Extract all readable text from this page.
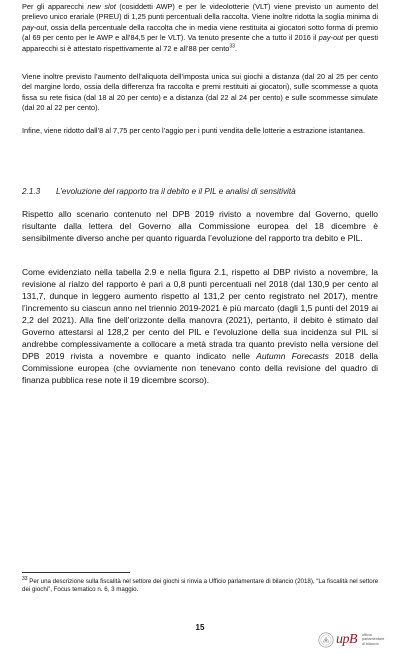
Per gli apparecchi new slot (cosiddetti AWP) e per le videolotterie (VLT) viene previsto un aumento del prelievo unico erariale (PREU) di 1,25 punti percentuali della raccolta. Viene inoltre ridotta la soglia minima di pay-out, ossia della percentuale della raccolta che in media viene restituita ai giocatori sotto forma di premio (al 69 per cento per le AWP e all’84,5 per le VLT). Va tenuto presente che a tutto il 2016 il pay-out per questi apparecchi si è attestato rispettivamente al 72 e all’88 per cento$^{33}$.

Viene inoltre previsto l’aumento dell’aliquota dell’imposta unica sui giochi a distanza (dal 20 al 25 per cento del margine lordo, ossia della differenza fra raccolta e premi restituiti ai giocatori), sulle scommesse a quota fissa su rete fisica (dal 18 al 20 per cento) e a distanza (dal 22 al 24 per cento) e sulle scommesse simulate (dal 20 al 22 per cento).

Infine, viene ridotto dall’8 al 7,75 per cento l’aggio per i punti vendita delle lotterie a estrazione istantanea.

2.1.3 L’evoluzione del rapporto tra il debito e il PIL e analisi di sensitività

Rispetto allo scenario contenuto nel DPB 2019 rivisto a novembre dal Governo, quello risultante dalla lettera del Governo alla Commissione europea del 18 dicembre è sensibilmente diverso anche per quanto riguarda l’evoluzione del rapporto tra debito e PIL.

Come evidenziato nella tabella 2.9 e nella figura 2.1, rispetto al DBP rivisto a novembre, la revisione al rialzo del rapporto è pari a 0,8 punti percentuali nel 2018 (dal 130,9 per cento al 131,7, dunque in leggero aumento rispetto al 131,2 per cento registrato nel 2017), mentre l’incremento su ciascun anno nel triennio 2019-2021 è più marcato (dagli 1,5 punti del 2019 ai 2,2 del 2021). Alla fine dell’orizzonte della manovra (2021), pertanto, il debito è stimato dal Governo attestarsi al 128,2 per cento del PIL e l’evoluzione della sua incidenza sul PIL si andrebbe complessivamente a collocare a metà strada tra quanto previsto nella versione del DPB 2019 rivista a novembre e quanto indicato nelle Autumn Forecasts 2018 della Commissione europea (che ovviamente non tenevano conto della revisione del quadro di finanza pubblica rese note il 19 dicembre scorso).

$^{33}$ Per una descrizione sulla fiscalità nel settore dei giochi si rinvia a Ufficio parlamentare di bilancio (2018), “La fiscalità nel settore dei giochi”, Focus tematico n. 6, 3 maggio.

15
upB ufficio
parlamentare
di bilancio
